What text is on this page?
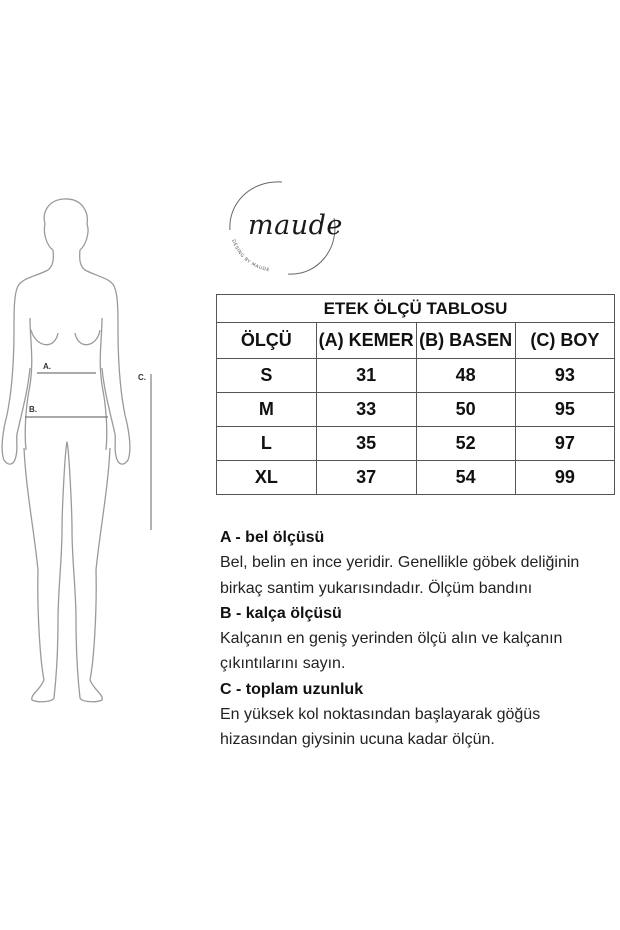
A.
B.
C.
DESING BY MAUDE
maude
ETEK ÖLÇÜ TABLOSU			
ÖLÇÜ	(A) KEMER	(B) BASEN	(C) BOY
S	31	48	93
M	33	50	95
L	35	52	97
XL	37	54	99
A - bel ölçüsü
Bel, belin en ince yeridir. Genellikle göbek deliğinin
birkaç santim yukarısındadır. Ölçüm bandını
B - kalça ölçüsü
Kalçanın en geniş yerinden ölçü alın ve kalçanın
çıkıntılarını sayın.
C - toplam uzunluk
En yüksek kol noktasından başlayarak göğüs
hizasından giysinin ucuna kadar ölçün.
